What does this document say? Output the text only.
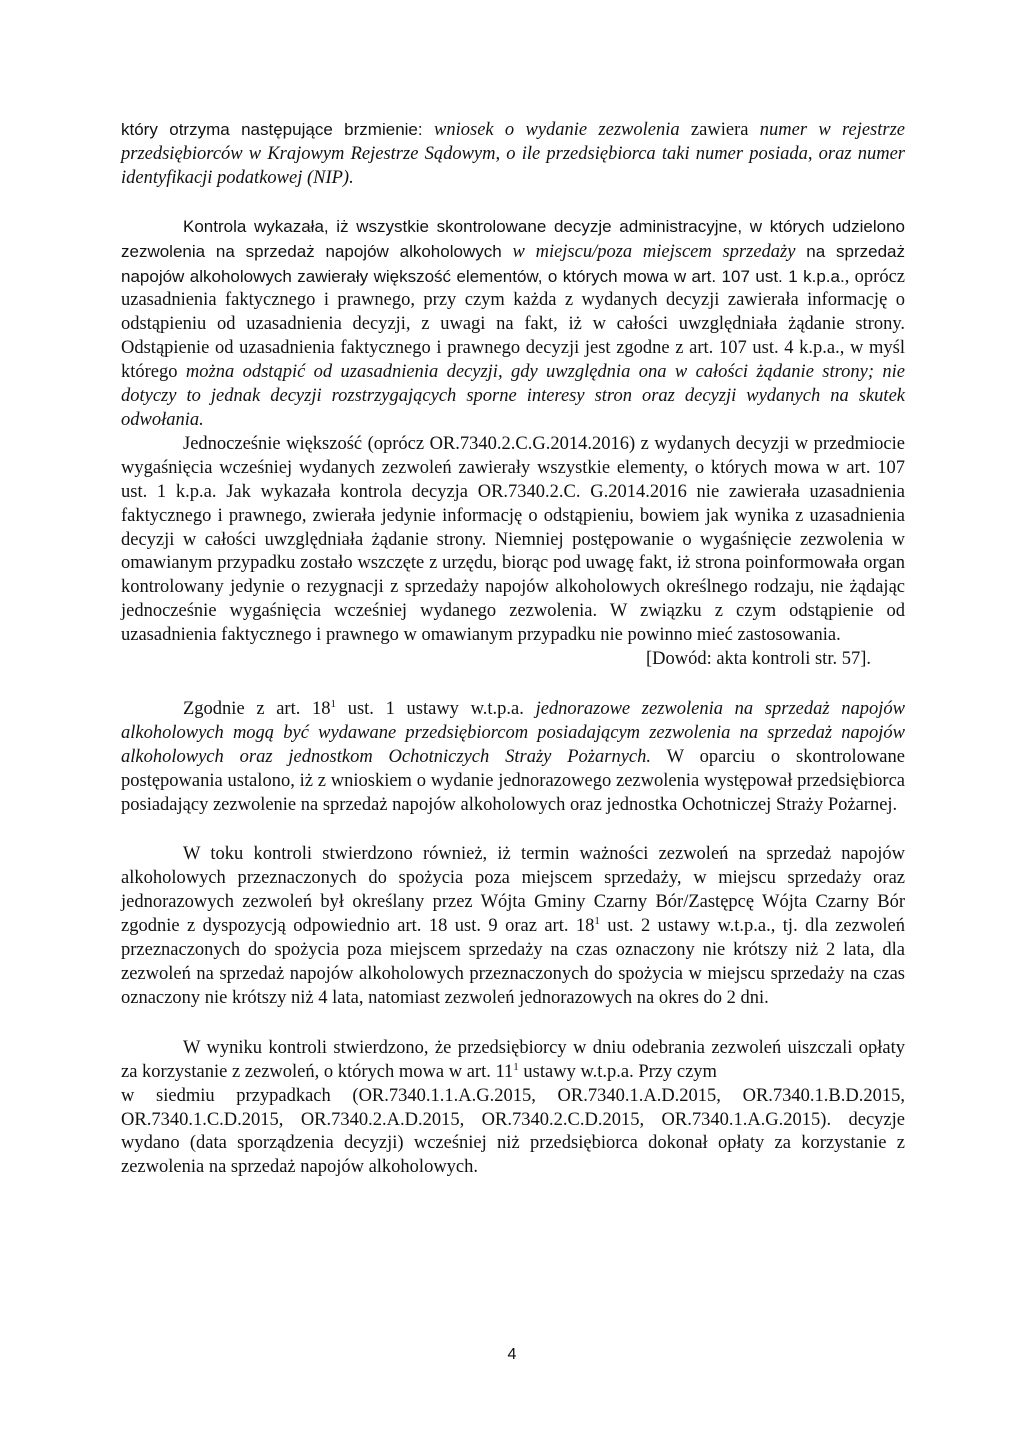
który otrzyma następujące brzmienie: wniosek o wydanie zezwolenia zawiera numer w rejestrze przedsiębiorców w Krajowym Rejestrze Sądowym, o ile przedsiębiorca taki numer posiada, oraz numer identyfikacji podatkowej (NIP).

Kontrola wykazała, iż wszystkie skontrolowane decyzje administracyjne, w których udzielono zezwolenia na sprzedaż napojów alkoholowych w miejscu/poza miejscem sprzedaży na sprzedaż napojów alkoholowych zawierały większość elementów, o których mowa w art. 107 ust. 1 k.p.a., oprócz uzasadnienia faktycznego i prawnego, przy czym każda z wydanych decyzji zawierała informację o odstąpieniu od uzasadnienia decyzji, z uwagi na fakt, iż w całości uwzględniała żądanie strony. Odstąpienie od uzasadnienia faktycznego i prawnego decyzji jest zgodne z art. 107 ust. 4 k.p.a., w myśl którego można odstąpić od uzasadnienia decyzji, gdy uwzględnia ona w całości żądanie strony; nie dotyczy to jednak decyzji rozstrzygających sporne interesy stron oraz decyzji wydanych na skutek odwołania.

Jednocześnie większość (oprócz OR.7340.2.C.G.2014.2016) z wydanych decyzji w przedmiocie wygaśnięcia wcześniej wydanych zezwoleń zawierały wszystkie elementy, o których mowa w art. 107 ust. 1 k.p.a. Jak wykazała kontrola decyzja OR.7340.2.C. G.2014.2016 nie zawierała uzasadnienia faktycznego i prawnego, zwierała jedynie informację o odstąpieniu, bowiem jak wynika z uzasadnienia decyzji w całości uwzględniała żądanie strony. Niemniej postępowanie o wygaśnięcie zezwolenia w omawianym przypadku zostało wszczęte z urzędu, biorąc pod uwagę fakt, iż strona poinformowała organ kontrolowany jedynie o rezygnacji z sprzedaży napojów alkoholowych określnego rodzaju, nie żądając jednocześnie wygaśnięcia wcześniej wydanego zezwolenia. W związku z czym odstąpienie od uzasadnienia faktycznego i prawnego w omawianym przypadku nie powinno mieć zastosowania.

[Dowód: akta kontroli str. 57].

Zgodnie z art. $18^1$ ust. 1 ustawy w.t.p.a. jednorazowe zezwolenia na sprzedaż napojów alkoholowych mogą być wydawane przedsiębiorcom posiadającym zezwolenia na sprzedaż napojów alkoholowych oraz jednostkom Ochotniczych Straży Pożarnych. W oparciu o skontrolowane postępowania ustalono, iż z wnioskiem o wydanie jednorazowego zezwolenia występował przedsiębiorca posiadający zezwolenie na sprzedaż napojów alkoholowych oraz jednostka Ochotniczej Straży Pożarnej.

W toku kontroli stwierdzono również, iż termin ważności zezwoleń na sprzedaż napojów alkoholowych przeznaczonych do spożycia poza miejscem sprzedaży, w miejscu sprzedaży oraz jednorazowych zezwoleń był określany przez Wójta Gminy Czarny Bór/Zastępcę Wójta Czarny Bór zgodnie z dyspozycją odpowiednio art. 18 ust. 9 oraz art. $18^1$ ust. 2 ustawy w.t.p.a., tj. dla zezwoleń przeznaczonych do spożycia poza miejscem sprzedaży na czas oznaczony nie krótszy niż 2 lata, dla zezwoleń na sprzedaż napojów alkoholowych przeznaczonych do spożycia w miejscu sprzedaży na czas oznaczony nie krótszy niż 4 lata, natomiast zezwoleń jednorazowych na okres do 2 dni.

W wyniku kontroli stwierdzono, że przedsiębiorcy w dniu odebrania zezwoleń uiszczali opłaty za korzystanie z zezwoleń, o których mowa w art. $11^1$ ustawy w.t.p.a. Przy czym

w siedmiu przypadkach (OR.7340.1.1.A.G.2015, OR.7340.1.A.D.2015, OR.7340.1.B.D.2015, OR.7340.1.C.D.2015, OR.7340.2.A.D.2015, OR.7340.2.C.D.2015, OR.7340.1.A.G.2015). decyzje wydano (data sporządzenia decyzji) wcześniej niż przedsiębiorca dokonał opłaty za korzystanie z zezwolenia na sprzedaż napojów alkoholowych.

4
